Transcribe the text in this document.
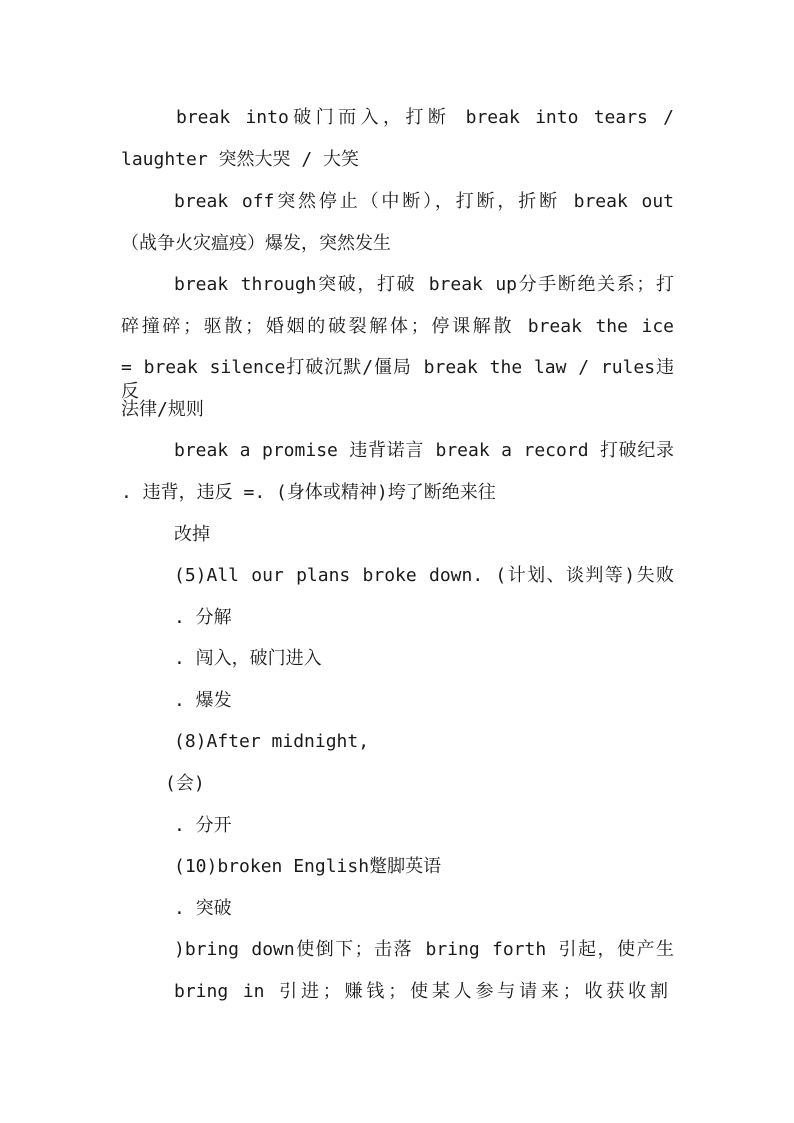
break into破门而入，打断 break into tears /
laughter 突然大哭 / 大笑
break off突然停止（中断），打断，折断 break out
（战争火灾瘟疫）爆发，突然发生
break through突破，打破 break up分手断绝关系；打
碎撞碎；驱散；婚姻的破裂解体；停课解散 break the ice
= break silence打破沉默/僵局 break the law / rules违反
法律/规则
break a promise 违背诺言 break a record 打破纪录
. 违背，违反 =. (身体或精神)垮了断绝来往
改掉
(5)All our plans broke down. (计划、谈判等)失败
. 分解
. 闯入，破门进入
. 爆发
(8)After midnight,
(会)
. 分开
(10)broken English蹩脚英语
. 突破
)bring down使倒下；击落 bring forth 引起，使产生
bring in 引进；赚钱；使某人参与请来；收获收割
